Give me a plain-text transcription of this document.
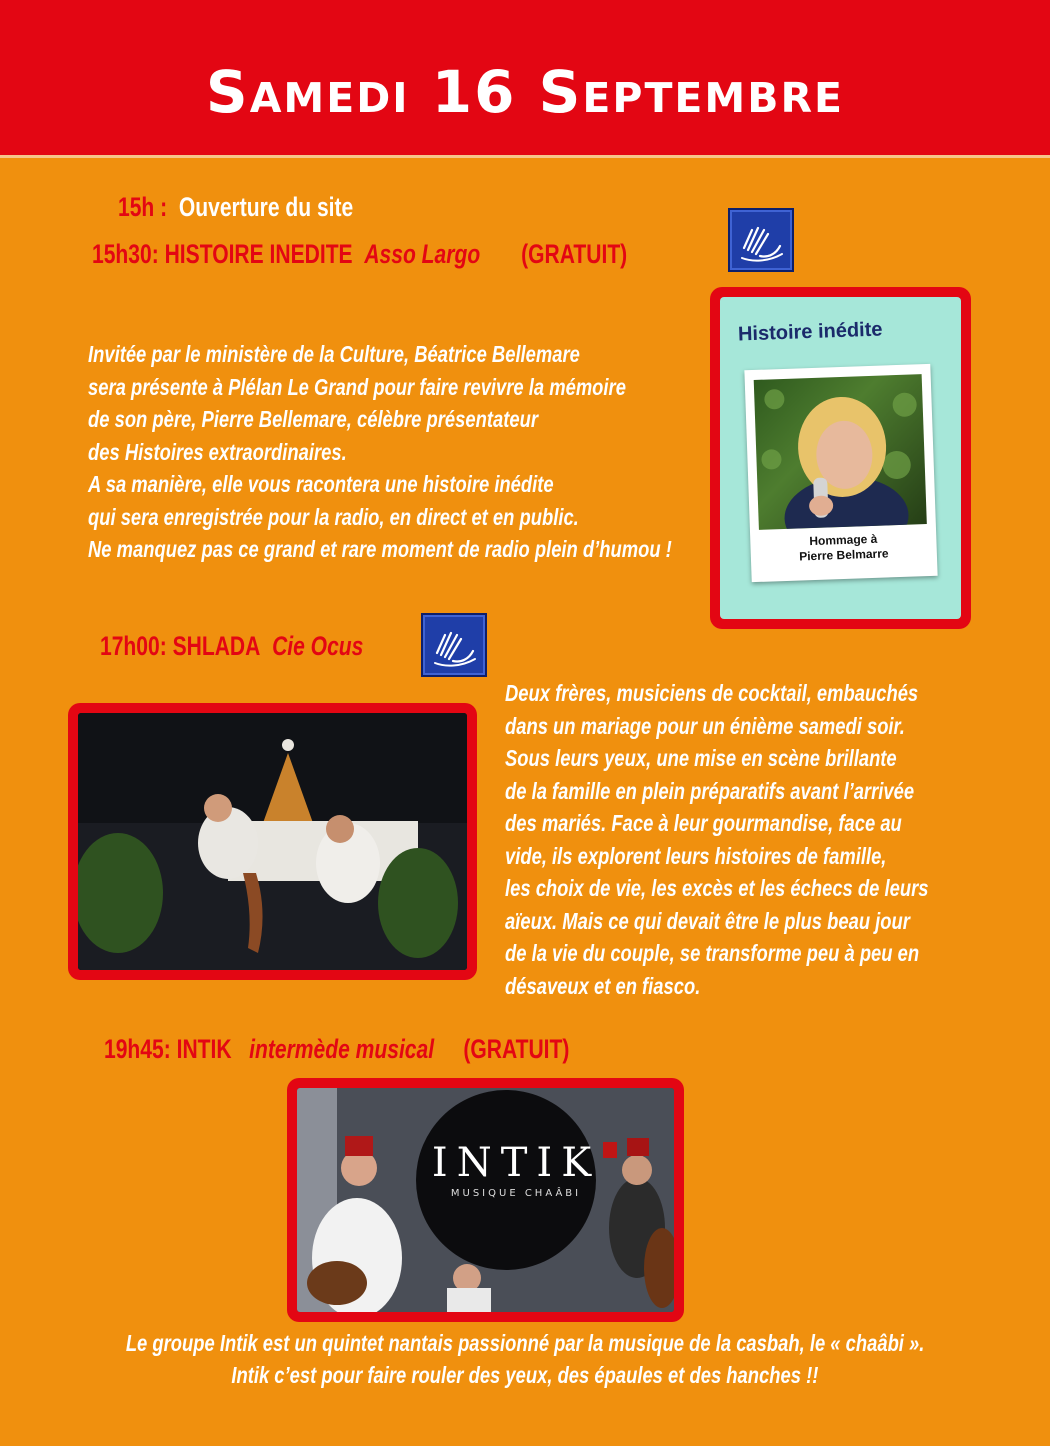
Samedi 16 Septembre
15h : Ouverture du site
15h30: HISTOIRE INEDITE Asso Largo (GRATUIT)
Invitée par le ministère de la Culture, Béatrice Bellemare
sera présente à Plélan Le Grand pour faire revivre la mémoire
de son père, Pierre Bellemare, célèbre présentateur
des Histoires extraordinaires.
A sa manière, elle vous racontera une histoire inédite
qui sera enregistrée pour la radio, en direct et en public.
Ne manquez pas ce grand et rare moment de radio plein d’humou !
Histoire inédite
Hommage à
Pierre Belmarre
17h00: SHLADA Cie Ocus
Deux frères, musiciens de cocktail, embauchés
dans un mariage pour un énième samedi soir.
Sous leurs yeux, une mise en scène brillante
de la famille en plein préparatifs avant l’arrivée
des mariés. Face à leur gourmandise, face au
vide, ils explorent leurs histoires de famille,
les choix de vie, les excès et les échecs de leurs
aïeux. Mais ce qui devait être le plus beau jour
de la vie du couple, se transforme peu à peu en
désaveux et en fiasco.
19h45: INTIK intermède musical (GRATUIT)
INTIK
MUSIQUE CHAÂBI
Le groupe Intik est un quintet nantais passionné par la musique de la casbah, le « chaâbi ».
Intik c’est pour faire rouler des yeux, des épaules et des hanches !!
